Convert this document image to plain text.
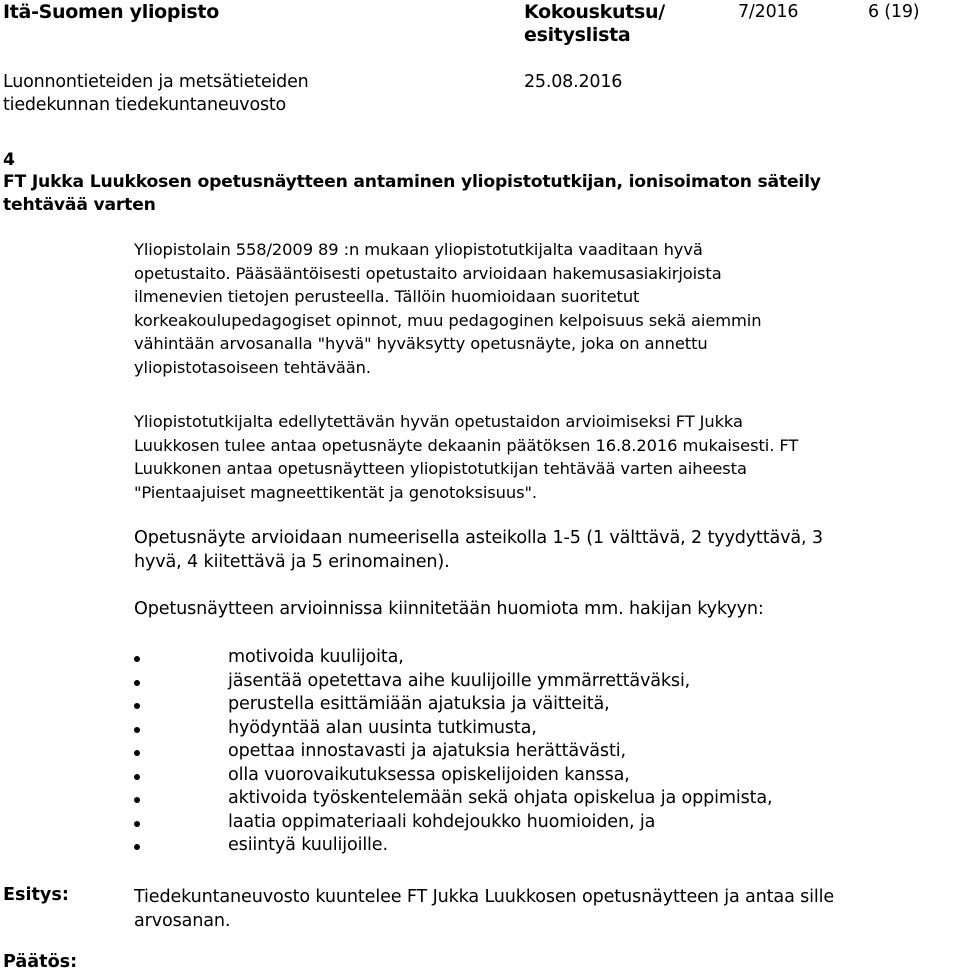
Itä-Suomen yliopisto	Kokouskutsu/
esityslista
7/2016	6 (19)
Luonnontieteiden ja metsätieteiden
tiedekunnan tiedekuntaneuvosto
25.08.2016
4
FT Jukka Luukkosen opetusnäytteen antaminen yliopistotutkijan, ionisoimaton säteily
tehtävää varten
Yliopistolain 558/2009 89 :n mukaan yliopistotutkijalta vaaditaan hyvä
opetustaito. Pääsääntöisesti opetustaito arvioidaan hakemusasiakirjoista
ilmenevien tietojen perusteella. Tällöin huomioidaan suoritetut
korkeakoulupedagogiset opinnot, muu pedagoginen kelpoisuus sekä aiemmin
vähintään arvosanalla "hyvä" hyväksytty opetusnäyte, joka on annettu
yliopistotasoiseen tehtävään.
Yliopistotutkijalta edellytettävän hyvän opetustaidon arvioimiseksi FT Jukka
Luukkosen tulee antaa opetusnäyte dekaanin päätöksen 16.8.2016 mukaisesti. FT
Luukkonen antaa opetusnäytteen yliopistotutkijan tehtävää varten aiheesta
"Pientaajuiset magneettikentät ja genotoksisuus".
Opetusnäyte arvioidaan numeerisella asteikolla 1-5 (1 välttävä, 2 tyydyttävä, 3
hyvä, 4 kiitettävä ja 5 erinomainen).
Opetusnäytteen arvioinnissa kiinnitetään huomiota mm. hakijan kykyyn:
motivoida kuulijoita,
jäsentää opetettava aihe kuulijoille ymmärrettäväksi,
perustella esittämiään ajatuksia ja väitteitä,
hyödyntää alan uusinta tutkimusta,
opettaa innostavasti ja ajatuksia herättävästi,
olla vuorovaikutuksessa opiskelijoiden kanssa,
aktivoida työskentelemään sekä ohjata opiskelua ja oppimista,
laatia oppimateriaali kohdejoukko huomioiden, ja
esiintyä kuulijoille.
Esitys:	Tiedekuntaneuvosto kuuntelee FT Jukka Luukkosen opetusnäytteen ja antaa sille
arvosanan.
Päätös:
